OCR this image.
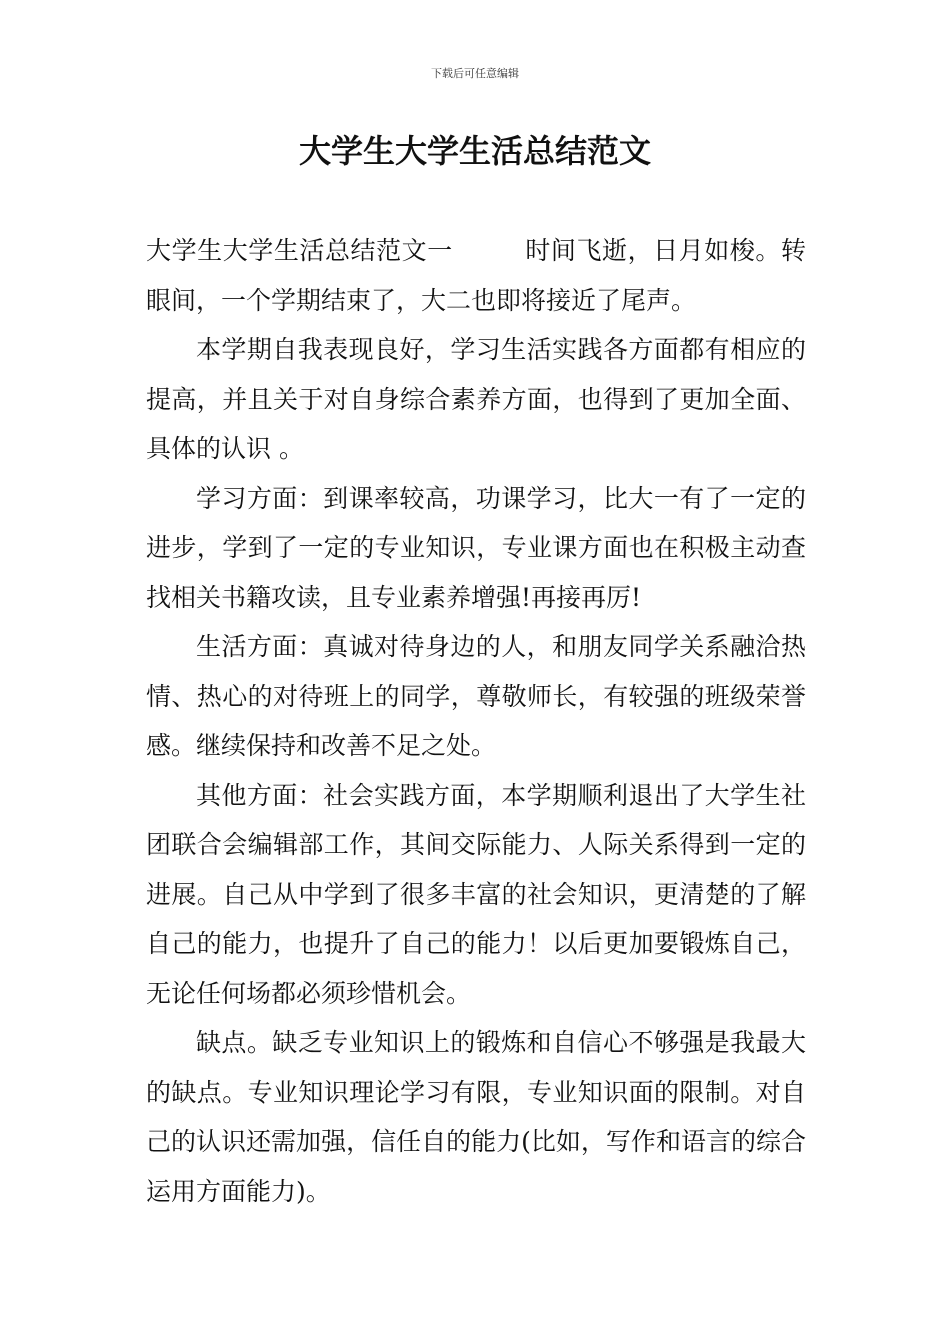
下载后可任意编辑
大学生大学生活总结范文

大学生大学生活总结范文一	时间飞逝，日月如梭。转眼间，一个学期结束了，大二也即将接近了尾声。

本学期自我表现良好，学习生活实践各方面都有相应的提高，并且关于对自身综合素养方面，也得到了更加全面、具体的认识 。

学习方面：到课率较高，功课学习，比大一有了一定的进步，学到了一定的专业知识，专业课方面也在积极主动查找相关书籍攻读，且专业素养增强!再接再厉!

生活方面：真诚对待身边的人，和朋友同学关系融洽热情、热心的对待班上的同学，尊敬师长，有较强的班级荣誉感。继续保持和改善不足之处。

其他方面：社会实践方面，本学期顺利退出了大学生社团联合会编辑部工作，其间交际能力、人际关系得到一定的进展。自己从中学到了很多丰富的社会知识，更清楚的了解自己的能力，也提升了自己的能力！以后更加要锻炼自己，无论任何场都必须珍惜机会。

缺点。缺乏专业知识上的锻炼和自信心不够强是我最大的缺点。专业知识理论学习有限，专业知识面的限制。对自己的认识还需加强，信任自的能力(比如，写作和语言的综合运用方面能力)。
